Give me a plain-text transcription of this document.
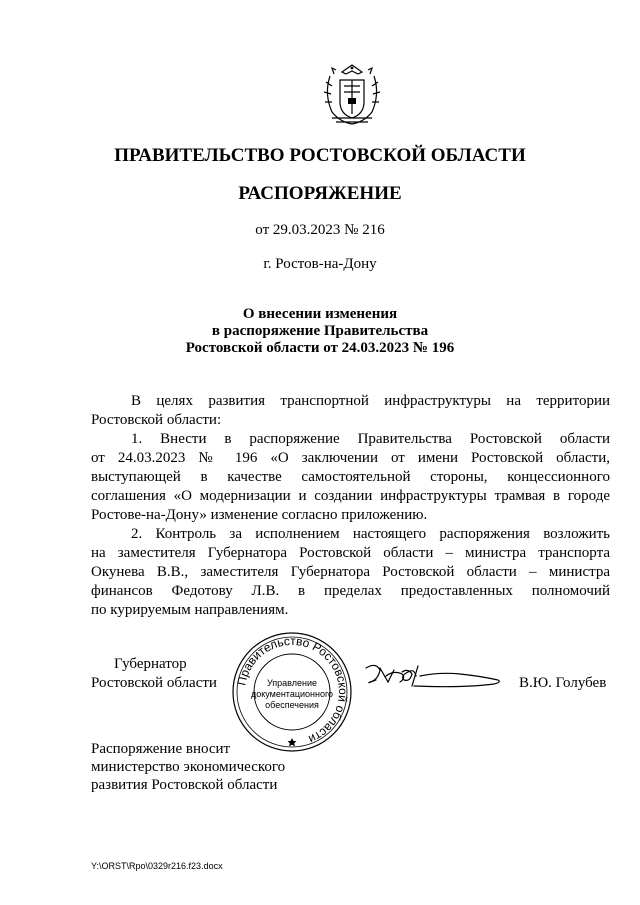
ПРАВИТЕЛЬСТВО РОСТОВСКОЙ ОБЛАСТИ
РАСПОРЯЖЕНИЕ
от 29.03.2023 № 216
г. Ростов-на-Дону
О внесении изменения
в распоряжение Правительства
Ростовской области от 24.03.2023 № 196
В целях развития транспортной инфраструктуры на территории
Ростовской области:
1. Внести в распоряжение Правительства Ростовской области
от 24.03.2023 № 196 «О заключении от имени Ростовской области,
выступающей в качестве самостоятельной стороны, концессионного
соглашения «О модернизации и создании инфраструктуры трамвая в городе
Ростове-на-Дону» изменение согласно приложению.
2. Контроль за исполнением настоящего распоряжения возложить
на заместителя Губернатора Ростовской области – министра транспорта
Окунева В.В., заместителя Губернатора Ростовской области – министра
финансов Федотову Л.В. в пределах предоставленных полномочий
по курируемым направлениям.
Губернатор
Ростовской области	Правительство Ростовской области
Управление
документационного
обеспечения
В.Ю. Голубев
Распоряжение вносит
министерство экономического
развития Ростовской области
Y:\ORST\Rpo\0329r216.f23.docx
